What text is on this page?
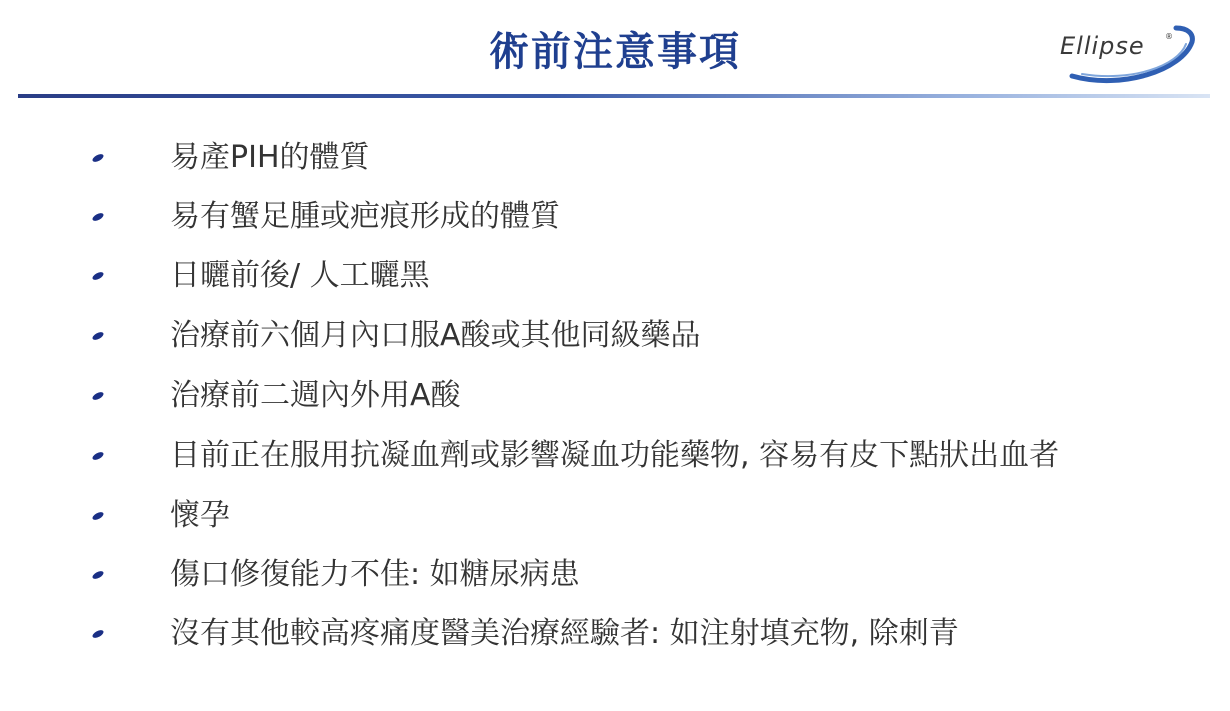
術前注意事項	Ellipse	®
易產PIH的體質
易有蟹足腫或疤痕形成的體質
日曬前後/ 人工曬黑
治療前六個月內口服A酸或其他同級藥品
治療前二週內外用A酸
目前正在服用抗凝血劑或影響凝血功能藥物, 容易有皮下點狀出血者
懷孕
傷口修復能力不佳: 如糖尿病患
沒有其他較高疼痛度醫美治療經驗者: 如注射填充物, 除刺青
